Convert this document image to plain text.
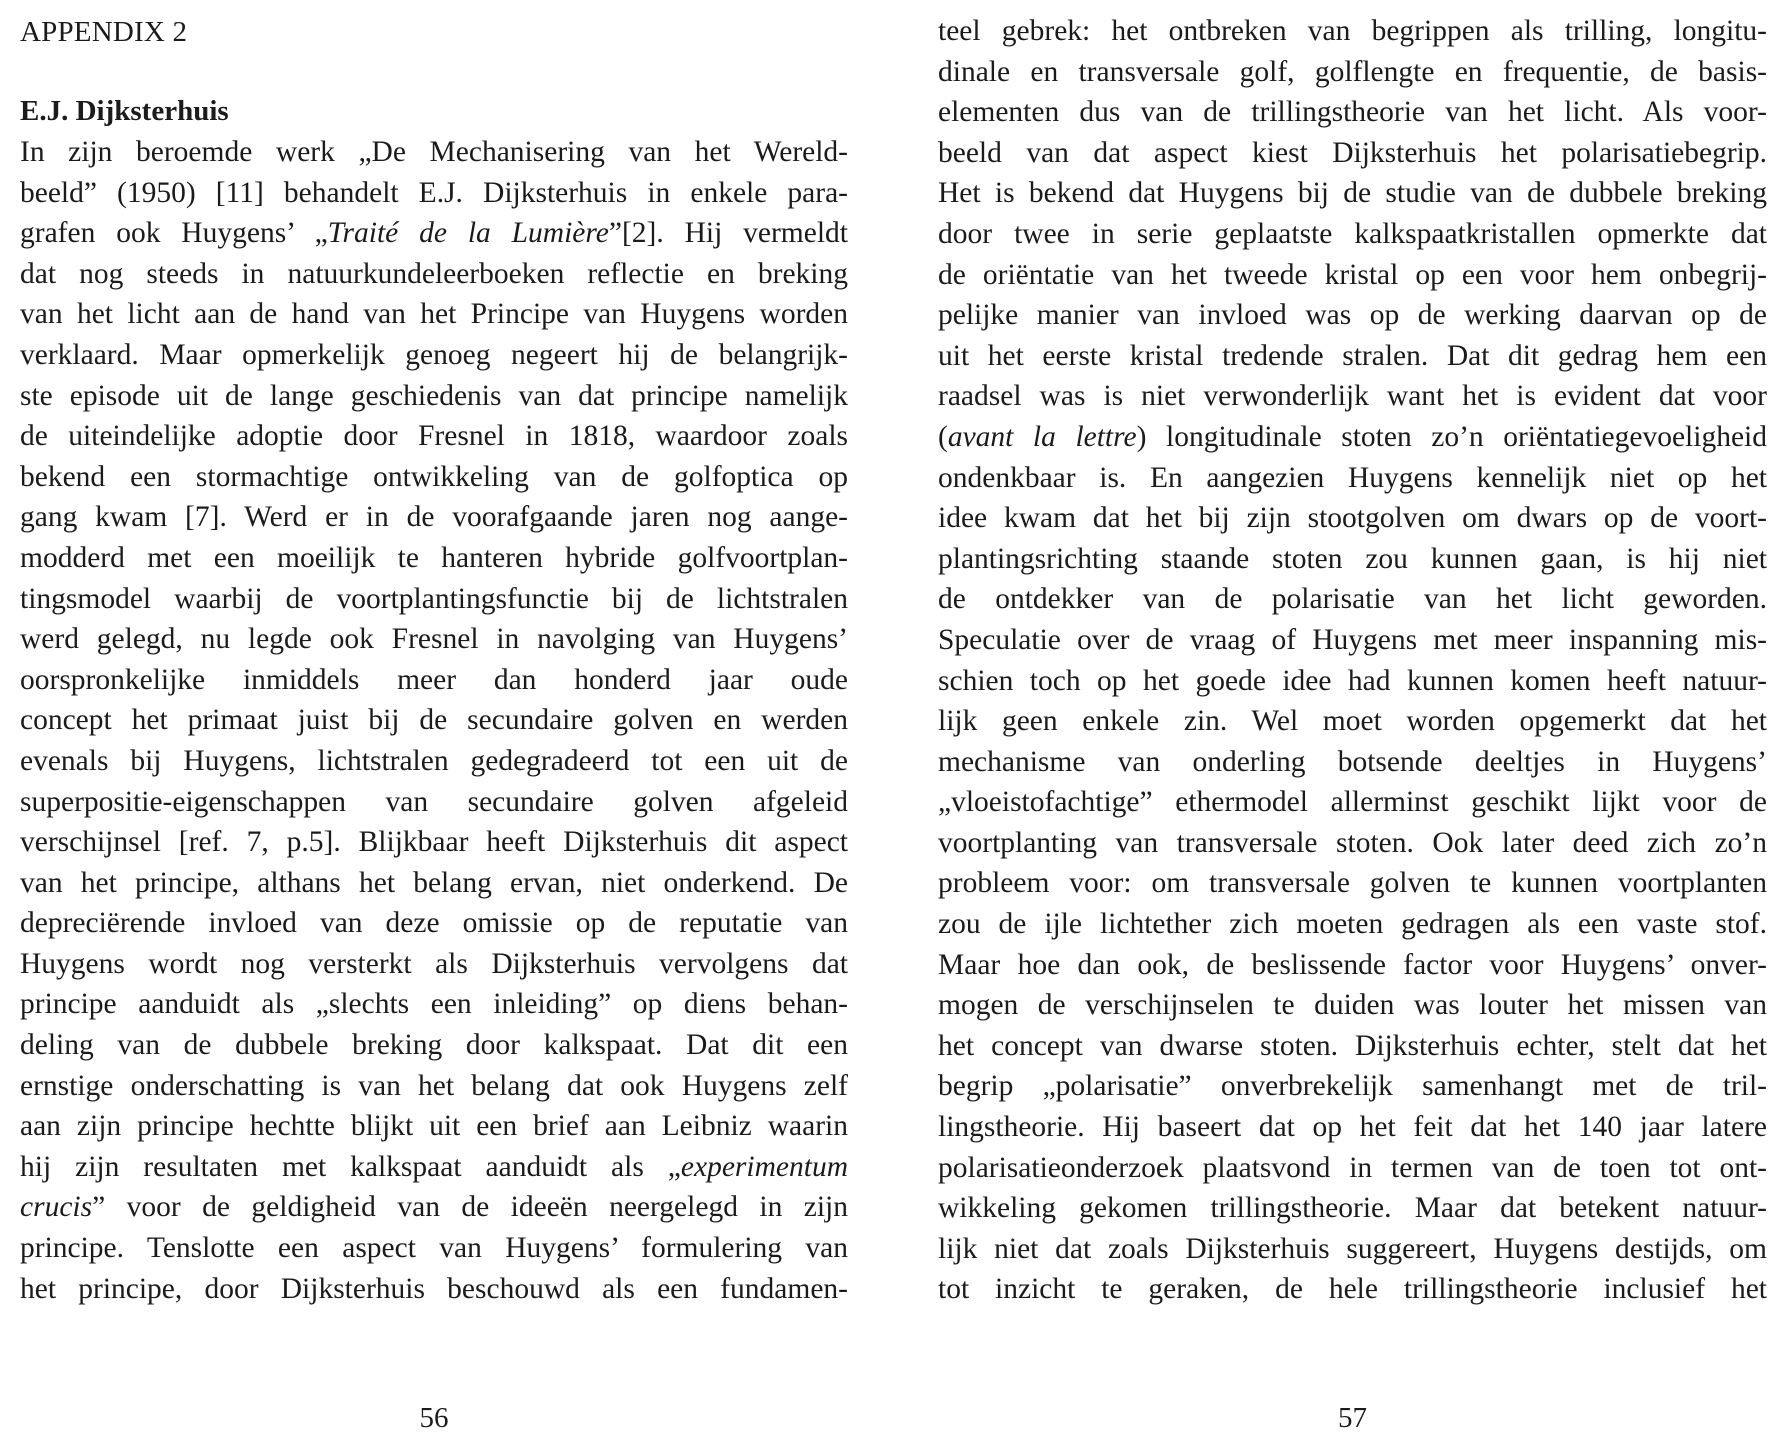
APPENDIX 2
E.J. Dijksterhuis
In zijn beroemde werk „De Mechanisering van het Wereld-
beeld” (1950) [11] behandelt E.J. Dijksterhuis in enkele para-
grafen ook Huygens’ „Traité de la Lumière”[2]. Hij vermeldt
dat nog steeds in natuurkundeleerboeken reflectie en breking
van het licht aan de hand van het Principe van Huygens worden
verklaard. Maar opmerkelijk genoeg negeert hij de belangrijk-
ste episode uit de lange geschiedenis van dat principe namelijk
de uiteindelijke adoptie door Fresnel in 1818, waardoor zoals
bekend een stormachtige ontwikkeling van de golfoptica op
gang kwam [7]. Werd er in de voorafgaande jaren nog aange-
modderd met een moeilijk te hanteren hybride golfvoortplan-
tingsmodel waarbij de voortplantingsfunctie bij de lichtstralen
werd gelegd, nu legde ook Fresnel in navolging van Huygens’
oorspronkelijke inmiddels meer dan honderd jaar oude
concept het primaat juist bij de secundaire golven en werden
evenals bij Huygens, lichtstralen gedegradeerd tot een uit de
superpositie-eigenschappen van secundaire golven afgeleid
verschijnsel [ref. 7, p.5]. Blijkbaar heeft Dijksterhuis dit aspect
van het principe, althans het belang ervan, niet onderkend. De
depreciërende invloed van deze omissie op de reputatie van
Huygens wordt nog versterkt als Dijksterhuis vervolgens dat
principe aanduidt als „slechts een inleiding” op diens behan-
deling van de dubbele breking door kalkspaat. Dat dit een
ernstige onderschatting is van het belang dat ook Huygens zelf
aan zijn principe hechtte blijkt uit een brief aan Leibniz waarin
hij zijn resultaten met kalkspaat aanduidt als „experimentum
crucis” voor de geldigheid van de ideeën neergelegd in zijn
principe. Tenslotte een aspect van Huygens’ formulering van
het principe, door Dijksterhuis beschouwd als een fundamen-
56
teel gebrek: het ontbreken van begrippen als trilling, longitu-
dinale en transversale golf, golflengte en frequentie, de basis-
elementen dus van de trillingstheorie van het licht. Als voor-
beeld van dat aspect kiest Dijksterhuis het polarisatiebegrip.
Het is bekend dat Huygens bij de studie van de dubbele breking
door twee in serie geplaatste kalkspaatkristallen opmerkte dat
de oriëntatie van het tweede kristal op een voor hem onbegrij-
pelijke manier van invloed was op de werking daarvan op de
uit het eerste kristal tredende stralen. Dat dit gedrag hem een
raadsel was is niet verwonderlijk want het is evident dat voor
(avant la lettre) longitudinale stoten zo’n oriëntatiegevoeligheid
ondenkbaar is. En aangezien Huygens kennelijk niet op het
idee kwam dat het bij zijn stootgolven om dwars op de voort-
plantingsrichting staande stoten zou kunnen gaan, is hij niet
de ontdekker van de polarisatie van het licht geworden.
Speculatie over de vraag of Huygens met meer inspanning mis-
schien toch op het goede idee had kunnen komen heeft natuur-
lijk geen enkele zin. Wel moet worden opgemerkt dat het
mechanisme van onderling botsende deeltjes in Huygens’
„vloeistofachtige” ethermodel allerminst geschikt lijkt voor de
voortplanting van transversale stoten. Ook later deed zich zo’n
probleem voor: om transversale golven te kunnen voortplanten
zou de ijle lichtether zich moeten gedragen als een vaste stof.
Maar hoe dan ook, de beslissende factor voor Huygens’ onver-
mogen de verschijnselen te duiden was louter het missen van
het concept van dwarse stoten. Dijksterhuis echter, stelt dat het
begrip „polarisatie” onverbrekelijk samenhangt met de tril-
lingstheorie. Hij baseert dat op het feit dat het 140 jaar latere
polarisatieonderzoek plaatsvond in termen van de toen tot ont-
wikkeling gekomen trillingstheorie. Maar dat betekent natuur-
lijk niet dat zoals Dijksterhuis suggereert, Huygens destijds, om
tot inzicht te geraken, de hele trillingstheorie inclusief het
57
